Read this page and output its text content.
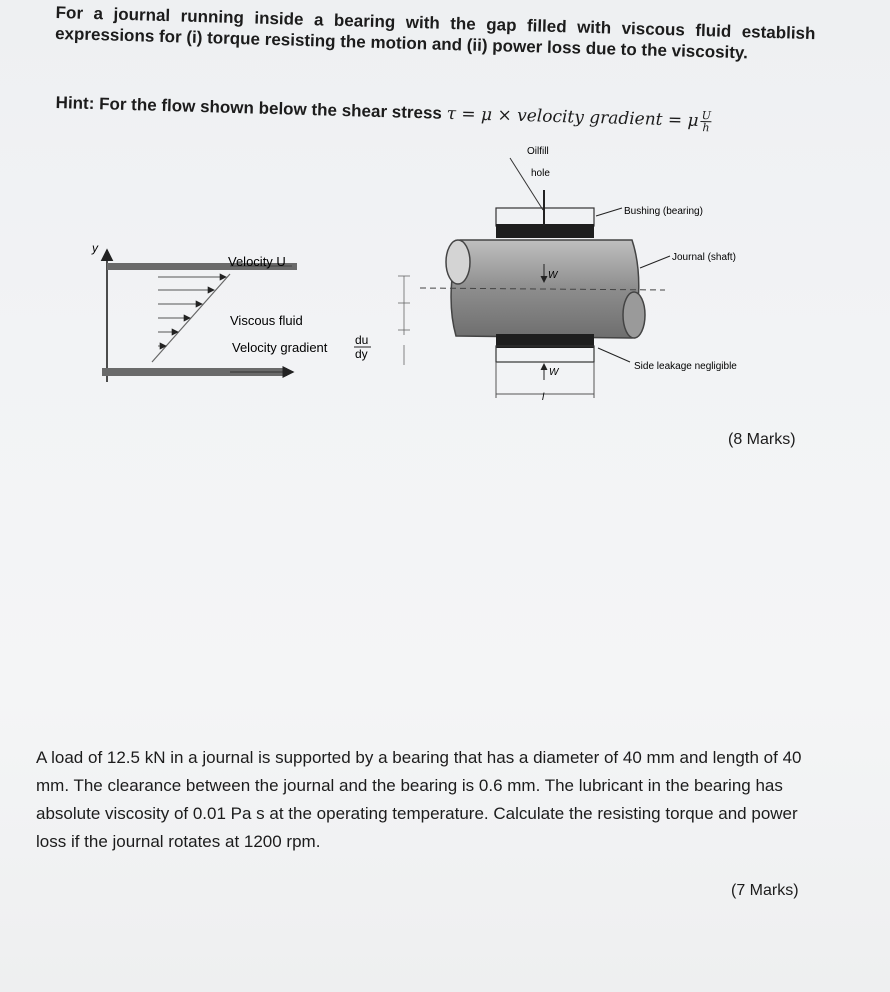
For a journal running inside a bearing with the gap filled with viscous fluid establish expressions for (i) torque resisting the motion and (ii) power loss due to the viscosity.

Hint: For the flow shown below the shear stress τ = μ × velocity gradient = μ $\frac{U}{h}$
y
Velocity U
Viscous fluid
Velocity gradient du
dy
Oilfill
hole
W
W
l
Bushing (bearing)
Journal (shaft)
Side leakage negligible
(8 Marks)

A load of 12.5 kN in a journal is supported by a bearing that has a diameter of 40 mm and length of 40 mm. The clearance between the journal and the bearing is 0.6 mm. The lubricant in the bearing has absolute viscosity of 0.01 Pa s at the operating temperature. Calculate the resisting torque and power loss if the journal rotates at 1200 rpm.

(7 Marks)
